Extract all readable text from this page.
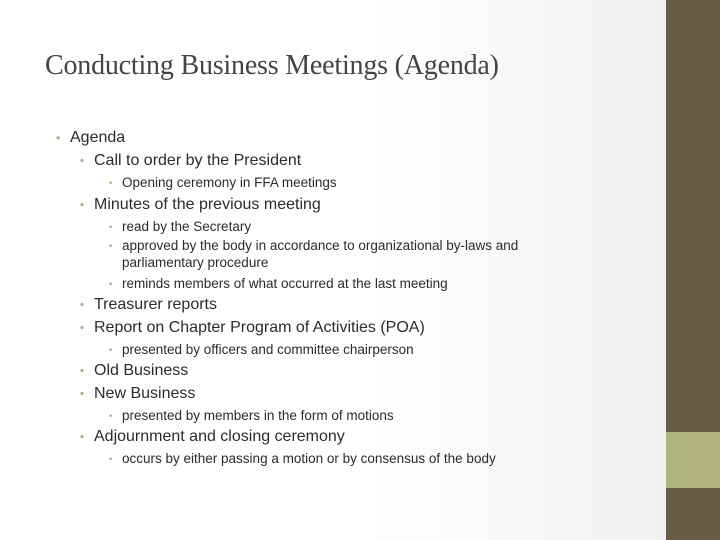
Conducting Business Meetings (Agenda)
• Agenda
• Call to order by the President
• Opening ceremony in FFA meetings
• Minutes of the previous meeting
• read by the Secretary
• approved by the body in accordance to organizational by-laws and
parliamentary procedure
• reminds members of what occurred at the last meeting
• Treasurer reports
• Report on Chapter Program of Activities (POA)
• presented by officers and committee chairperson
• Old Business
• New Business
• presented by members in the form of motions
• Adjournment and closing ceremony
• occurs by either passing a motion or by consensus of the body
